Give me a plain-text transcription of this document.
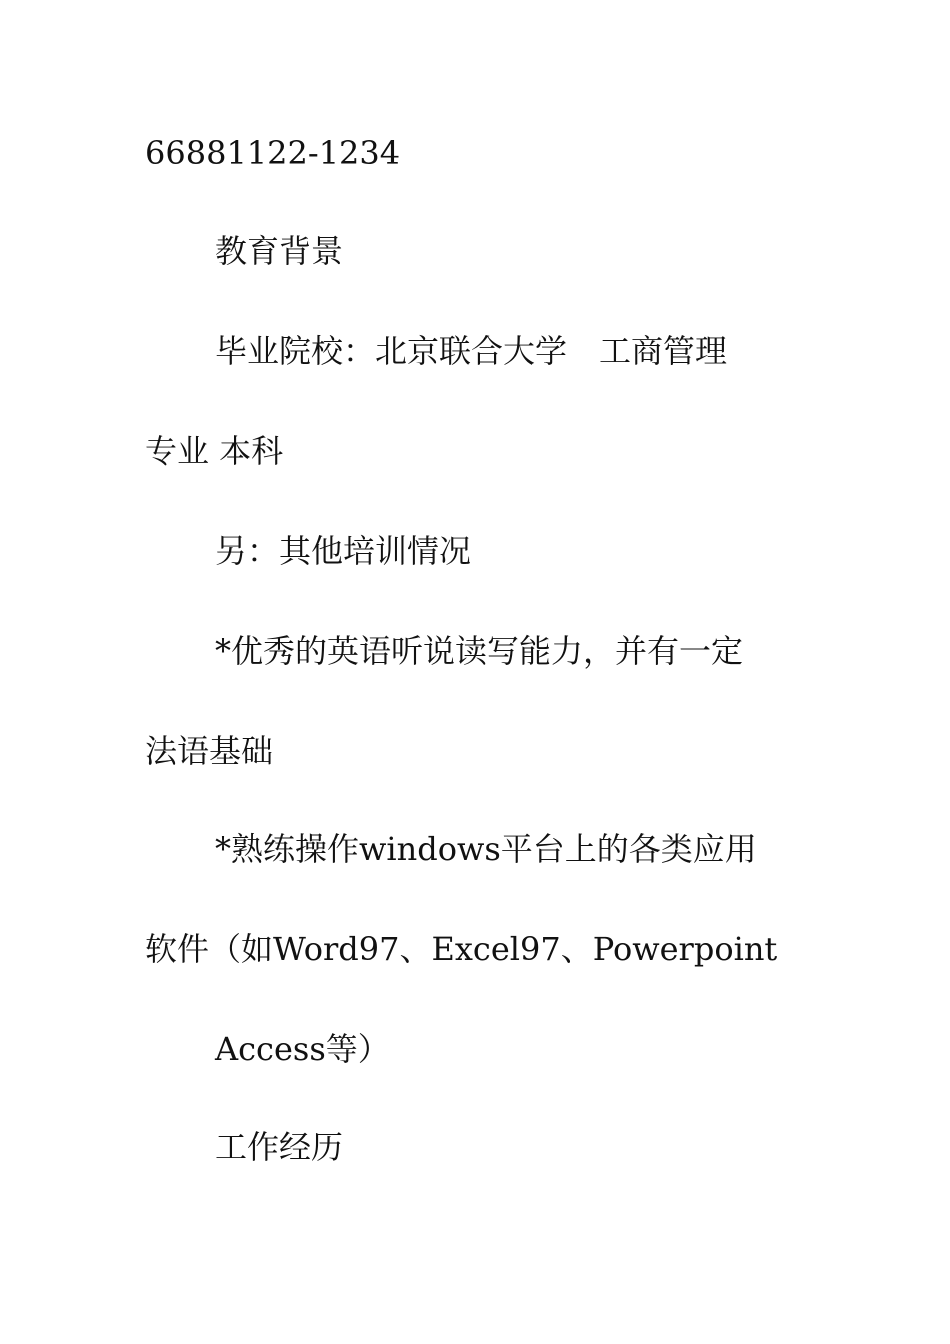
66881122-1234
教育背景
毕业院校：北京联合大学　工商管理
专业 本科
另：其他培训情况
*优秀的英语听说读写能力，并有一定
法语基础
*熟练操作windows平台上的各类应用
软件（如Word97、Excel97、Powerpoint
Access等）
工作经历
